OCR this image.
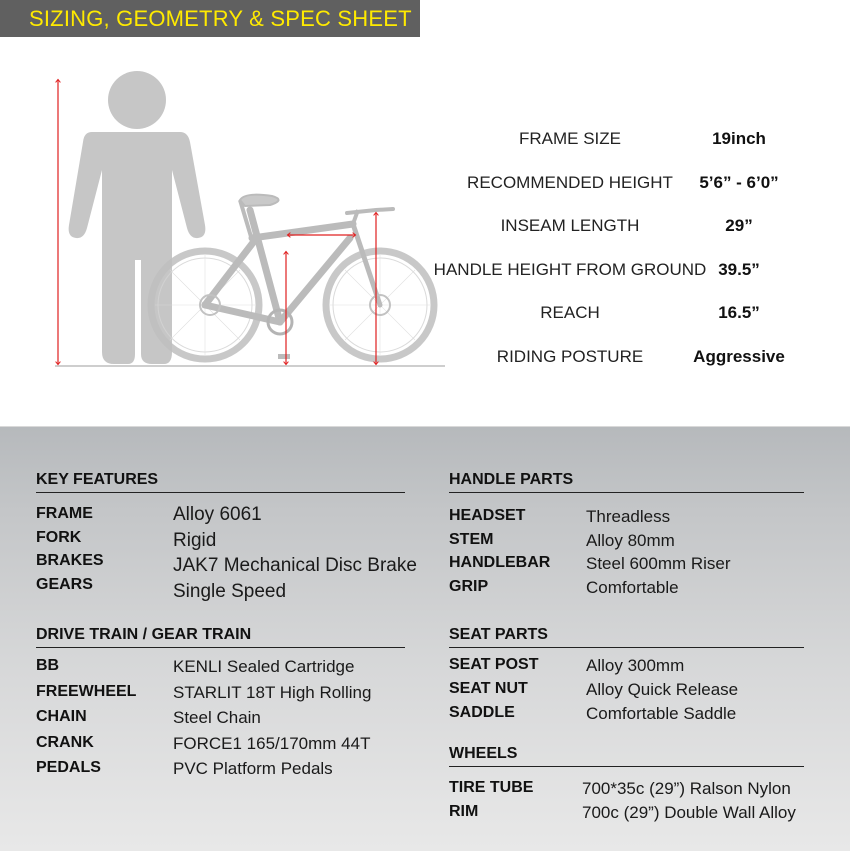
SIZING, GEOMETRY & SPEC SHEET
otto
FRAME SIZE	19inch
RECOMMENDED HEIGHT 5’6” - 6’0”
INSEAM LENGTH	29”
HANDLE HEIGHT FROM GROUND 39.5”
REACH	16.5”
RIDING POSTURE	Aggressive
KEY FEATURES
FRAME	Alloy 6061
FORK	Rigid
BRAKES	JAK7 Mechanical Disc Brake
GEARS	Single Speed
DRIVE TRAIN / GEAR TRAIN
BB	KENLI Sealed Cartridge
FREEWHEEL STARLIT 18T High Rolling
CHAIN	Steel Chain
CRANK	FORCE1 165/170mm 44T
PEDALS	PVC Platform Pedals
HANDLE PARTS
HEADSET	Threadless
STEM	Alloy 80mm
HANDLEBAR Steel 600mm Riser
GRIP	Comfortable
SEAT PARTS
SEAT POST	Alloy 300mm
SEAT NUT	Alloy Quick Release
SADDLE	Comfortable Saddle
WHEELS
TIRE TUBE	700*35c (29”) Ralson Nylon
RIM	700c (29”) Double Wall Alloy
